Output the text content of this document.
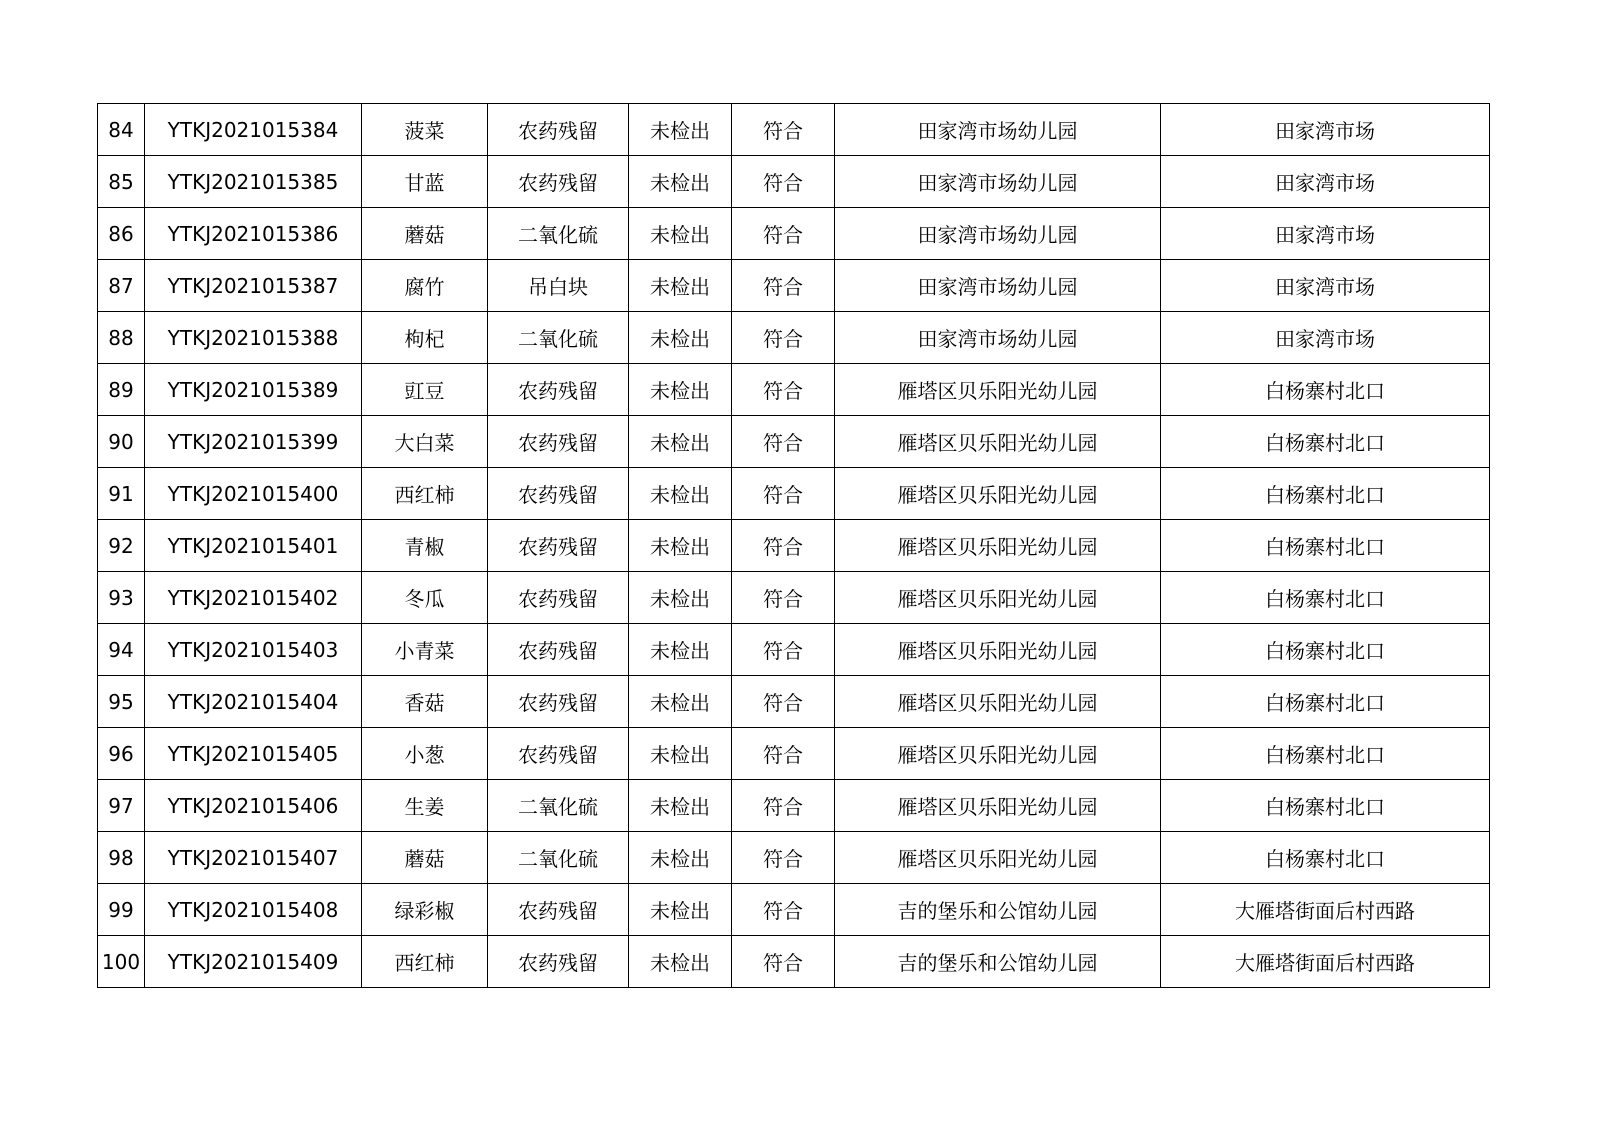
84	YTKJ2021015384	菠菜	农药残留	未检出	符合	田家湾市场幼儿园	田家湾市场
85	YTKJ2021015385	甘蓝	农药残留	未检出	符合	田家湾市场幼儿园	田家湾市场
86	YTKJ2021015386	蘑菇	二氧化硫	未检出	符合	田家湾市场幼儿园	田家湾市场
87	YTKJ2021015387	腐竹	吊白块	未检出	符合	田家湾市场幼儿园	田家湾市场
88	YTKJ2021015388	枸杞	二氧化硫	未检出	符合	田家湾市场幼儿园	田家湾市场
89	YTKJ2021015389	豇豆	农药残留	未检出	符合	雁塔区贝乐阳光幼儿园	白杨寨村北口
90	YTKJ2021015399	大白菜	农药残留	未检出	符合	雁塔区贝乐阳光幼儿园	白杨寨村北口
91	YTKJ2021015400	西红柿	农药残留	未检出	符合	雁塔区贝乐阳光幼儿园	白杨寨村北口
92	YTKJ2021015401	青椒	农药残留	未检出	符合	雁塔区贝乐阳光幼儿园	白杨寨村北口
93	YTKJ2021015402	冬瓜	农药残留	未检出	符合	雁塔区贝乐阳光幼儿园	白杨寨村北口
94	YTKJ2021015403	小青菜	农药残留	未检出	符合	雁塔区贝乐阳光幼儿园	白杨寨村北口
95	YTKJ2021015404	香菇	农药残留	未检出	符合	雁塔区贝乐阳光幼儿园	白杨寨村北口
96	YTKJ2021015405	小葱	农药残留	未检出	符合	雁塔区贝乐阳光幼儿园	白杨寨村北口
97	YTKJ2021015406	生姜	二氧化硫	未检出	符合	雁塔区贝乐阳光幼儿园	白杨寨村北口
98	YTKJ2021015407	蘑菇	二氧化硫	未检出	符合	雁塔区贝乐阳光幼儿园	白杨寨村北口
99	YTKJ2021015408	绿彩椒	农药残留	未检出	符合	吉的堡乐和公馆幼儿园	大雁塔街面后村西路
100	YTKJ2021015409	西红柿	农药残留	未检出	符合	吉的堡乐和公馆幼儿园	大雁塔街面后村西路
